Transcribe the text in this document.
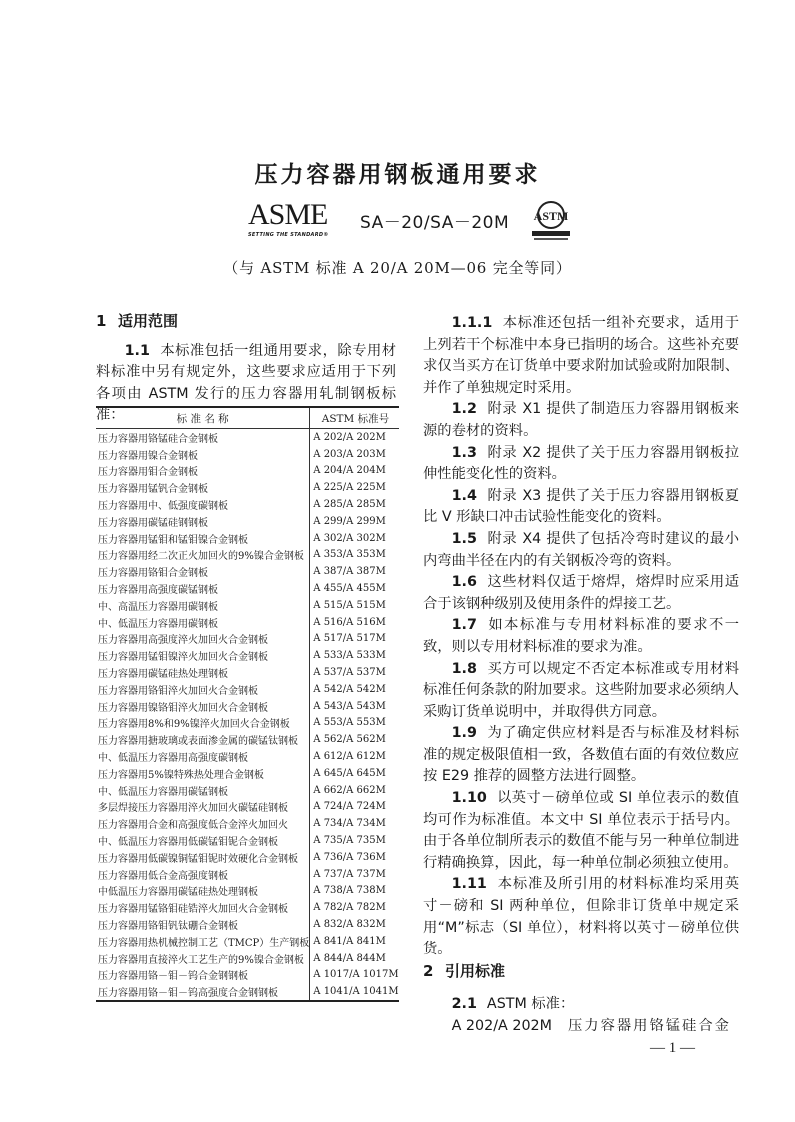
压力容器用钢板通用要求
ASME
SETTING THE STANDARD®
SA－20/SA－20M ASTM
（与 ASTM 标准 A 20/A 20M—06 完全等同）
1 适用范围

1.1 本标准包括一组通用要求，除专用材料标准中另有规定外，这些要求应适用于下列各项由 ASTM 发行的压力容器用轧制钢板标准：	标 准 名 称	ASTM 标准号
压力容器用铬锰硅合金钢板	A 202/A 202M
压力容器用镍合金钢板	A 203/A 203M
压力容器用钼合金钢板	A 204/A 204M
压力容器用锰钒合金钢板	A 225/A 225M
压力容器用中、低强度碳钢板	A 285/A 285M
压力容器用碳锰硅钢钢板	A 299/A 299M
压力容器用锰钼和锰钼镍合金钢板	A 302/A 302M
压力容器用经二次正火加回火的9%镍合金钢板	A 353/A 353M
压力容器用铬钼合金钢板	A 387/A 387M
压力容器用高强度碳锰钢板	A 455/A 455M
中、高温压力容器用碳钢板	A 515/A 515M
中、低温压力容器用碳钢板	A 516/A 516M
压力容器用高强度淬火加回火合金钢板	A 517/A 517M
压力容器用锰钼镍淬火加回火合金钢板	A 533/A 533M
压力容器用碳锰硅热处理钢板	A 537/A 537M
压力容器用铬钼淬火加回火合金钢板	A 542/A 542M
压力容器用镍铬钼淬火加回火合金钢板	A 543/A 543M
压力容器用8%和9%镍淬火加回火合金钢板	A 553/A 553M
压力容器用搪玻璃或表面渗金属的碳锰钛钢板	A 562/A 562M
中、低温压力容器用高强度碳钢板	A 612/A 612M
压力容器用5%镍特殊热处理合金钢板	A 645/A 645M
中、低温压力容器用碳锰钢板	A 662/A 662M
多层焊接压力容器用淬火加回火碳锰硅钢板	A 724/A 724M
压力容器用合金和高强度低合金淬火加回火	A 734/A 734M
中、低温压力容器用低碳锰钼铌合金钢板	A 735/A 735M
压力容器用低碳镍铜锰钼铌时效硬化合金钢板	A 736/A 736M
压力容器用低合金高强度钢板	A 737/A 737M
中低温压力容器用碳锰硅热处理钢板	A 738/A 738M
压力容器用锰铬钼硅锆淬火加回火合金钢板	A 782/A 782M
压力容器用铬钼钒钛硼合金钢板	A 832/A 832M
压力容器用热机械控制工艺（TMCP）生产钢板	A 841/A 841M
压力容器用直接淬火工艺生产的9%镍合金钢板	A 844/A 844M
压力容器用铬－钼－钨合金钢钢板	A 1017/A 1017M
压力容器用铬－钼－钨高强度合金钢钢板	A 1041/A 1041M

1.1.1 本标准还包括一组补充要求，适用于上列若干个标准中本身已指明的场合。这些补充要求仅当买方在订货单中要求附加试验或附加限制、并作了单独规定时采用。

1.2 附录 X1 提供了制造压力容器用钢板来源的卷材的资料。

1.3 附录 X2 提供了关于压力容器用钢板拉伸性能变化性的资料。

1.4 附录 X3 提供了关于压力容器用钢板夏比 V 形缺口冲击试验性能变化的资料。

1.5 附录 X4 提供了包括冷弯时建议的最小内弯曲半径在内的有关钢板冷弯的资料。

1.6 这些材料仅适于熔焊，熔焊时应采用适合于该钢种级别及使用条件的焊接工艺。

1.7 如本标准与专用材料标准的要求不一致，则以专用材料标准的要求为准。

1.8 买方可以规定不否定本标准或专用材料标准任何条款的附加要求。这些附加要求必须纳人采购订货单说明中，并取得供方同意。

1.9 为了确定供应材料是否与标准及材料标准的规定极限值相一致，各数值右面的有效位数应按 E29 推荐的圆整方法进行圆整。

1.10 以英寸－磅单位或 SI 单位表示的数值均可作为标准值。本文中 SI 单位表示于括号内。由于各单位制所表示的数值不能与另一种单位制进行精确换算，因此，每一种单位制必须独立使用。

1.11 本标准及所引用的材料标准均采用英寸－磅和 SI 两种单位，但除非订货单中规定采用“M”标志（SI 单位），材料将以英寸－磅单位供货。

2 引用标准

2.1 ASTM 标准：

A 202/A 202M 压力容器用铬锰硅合金

— 1 —
